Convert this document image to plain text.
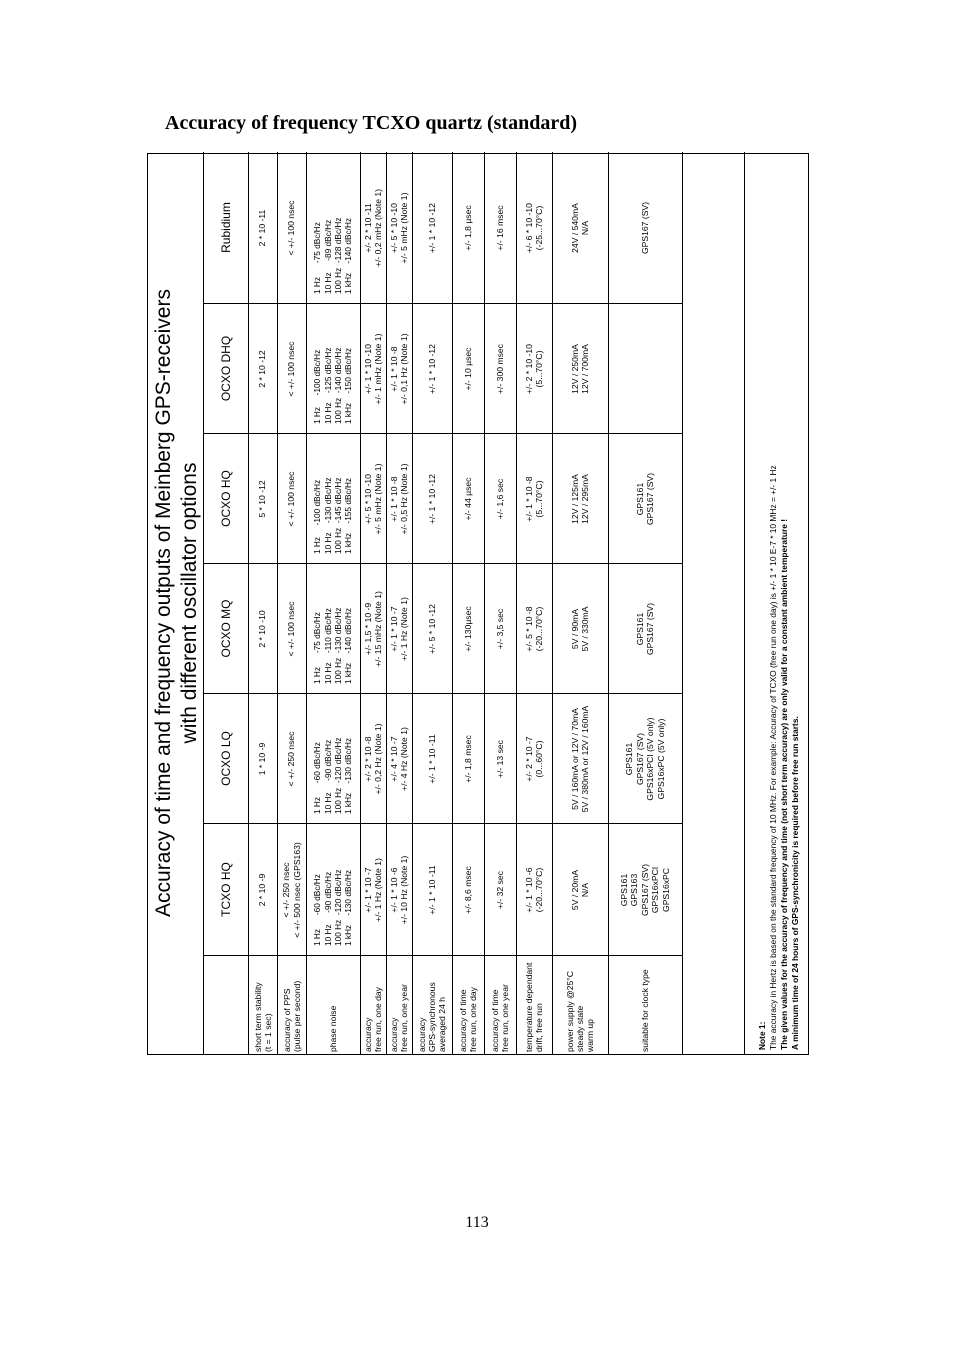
Accuracy of frequency TCXO quartz (standard)
Accuracy of time and frequency outputs of Meinberg GPS-receivers with different oscillator options
TCXO HQ
OCXO LQ
OCXO MQ
OCXO HQ
OCXO DHQ
Rubidium
short term stability (t = 1 sec)
2 * 10 -9
1 * 10 -9
2 * 10 -10
5 * 10 -12
2 * 10 -12
2 * 10 -11
accuracy of PPS (pulse per second)
< +/- 250 nsec < +/- 500 nsec (GPS163)
< +/- 250 nsec
< +/- 100 nsec
< +/- 100 nsec
< +/- 100 nsec
< +/- 100 nsec
phase noise
1 Hz      -60 dBc/Hz 10 Hz     -90 dBc/Hz 100 Hz  -120 dBc/Hz 1 kHz    -130 dBc/Hz
1 Hz      -60 dBc/Hz 10 Hz     -90 dBc/Hz 100 Hz  -120 dBc/Hz 1 kHz    -130 dBc/Hz
1 Hz      -75 dBc/Hz 10 Hz    -110 dBc/Hz 100 Hz  -130 dBc/Hz 1 kHz    -140 dBc/Hz
1 Hz     -100 dBc/Hz 10 Hz    -130 dBc/Hz 100 Hz  -145 dBc/Hz 1 kHz    -155 dBc/Hz
1 Hz     -100 dBc/Hz 10 Hz    -125 dBc/Hz 100 Hz  -140 dBc/Hz 1 kHz    -150 dBc/Hz
1 Hz      -75 dBc/Hz 10 Hz     -89 dBc/Hz 100 Hz  -128 dBc/Hz 1 kHz    -140 dBc/Hz
accuracy free run, one day
+/- 1 * 10 -7 +/- 1 Hz (Note 1)
+/- 2 * 10 -8 +/- 0,2 Hz (Note 1)
+/- 1,5 * 10 -9 +/- 15 mHz (Note 1)
+/- 5 * 10 -10 +/- 5 mHz (Note 1)
+/- 1 * 10 -10 +/- 1 mHz (Note 1)
+/- 2 * 10 -11 +/- 0,2 mHz (Note 1)
accuracy free run, one year
+/- 1 * 10 -6 +/- 10 Hz (Note 1)
+/- 4 * 10 -7 +/- 4 Hz (Note 1)
+/- 1 * 10 -7 +/- 1 Hz (Note 1)
+/- 1 * 10 -8 +/- 0,5 Hz (Note 1)
+/- 1 * 10 -8 +/- 0,1 Hz (Note 1)
+/- 5 * 10 -10 +/- 5 mHz (Note 1)
accuracy GPS-synchronous averaged 24 h
+/- 1 * 10 -11
+/- 1 * 10 -11
+/- 5 * 10 -12
+/- 1 * 10 -12
+/- 1 * 10 -12
+/- 1 * 10 -12
accuracy of time free run, one day
+/- 8,6 msec
+/- 1,8 msec
+/- 130µsec
+/- 44 µsec
+/- 10 µsec
+/- 1,8 µsec
accuracy of time free run, one year
+/- 32 sec
+/- 13 sec
+/- 3,5 sec
+/- 1,6 sec
+/- 300 msec
+/- 16 msec
temperature dependant drift, free run
+/- 1 * 10 -6 (-20...70°C)
+/- 2 * 10 -7 (0...60°C)
+/- 5 * 10 -8 (-20...70°C)
+/- 1 * 10 -8 (5...70°C)
+/- 2 * 10 -10 (5...70°C)
+/- 6 * 10 -10 (-25...70°C)
power supply @25°C steady state warm up
5V / 20mA N/A
5V / 160mA or 12V / 70mA 5V / 380mA or 12V / 160mA
5V / 90mA 5V / 330mA
12V / 125mA 12V / 295mA
12V / 250mA 12V / 700mA
24V / 540mA N/A
suitable for clock type
GPS161 GPS163 GPS167 (SV) GPS16xPCI GPS16xPC
GPS161 GPS167 (SV) GPS16xPCI (5V only) GPS16xPC (5V only)
GPS161 GPS167 (SV)
GPS161 GPS167 (SV)
GPS167 (SV)
Note 1: The accuracy in Hertz is based on the standard frequency of 10 MHz. For example: Accuracy of TCXO (free run one day) is +/- 1 * 10 E-7 * 10 MHz = +/- 1 Hz The given values for the accuracy of frequency and time (not short term accuracy) are only valid for a constant ambient temperature ! A minimum time of 24 hours of GPS-synchronicity is required before free run starts.
113
